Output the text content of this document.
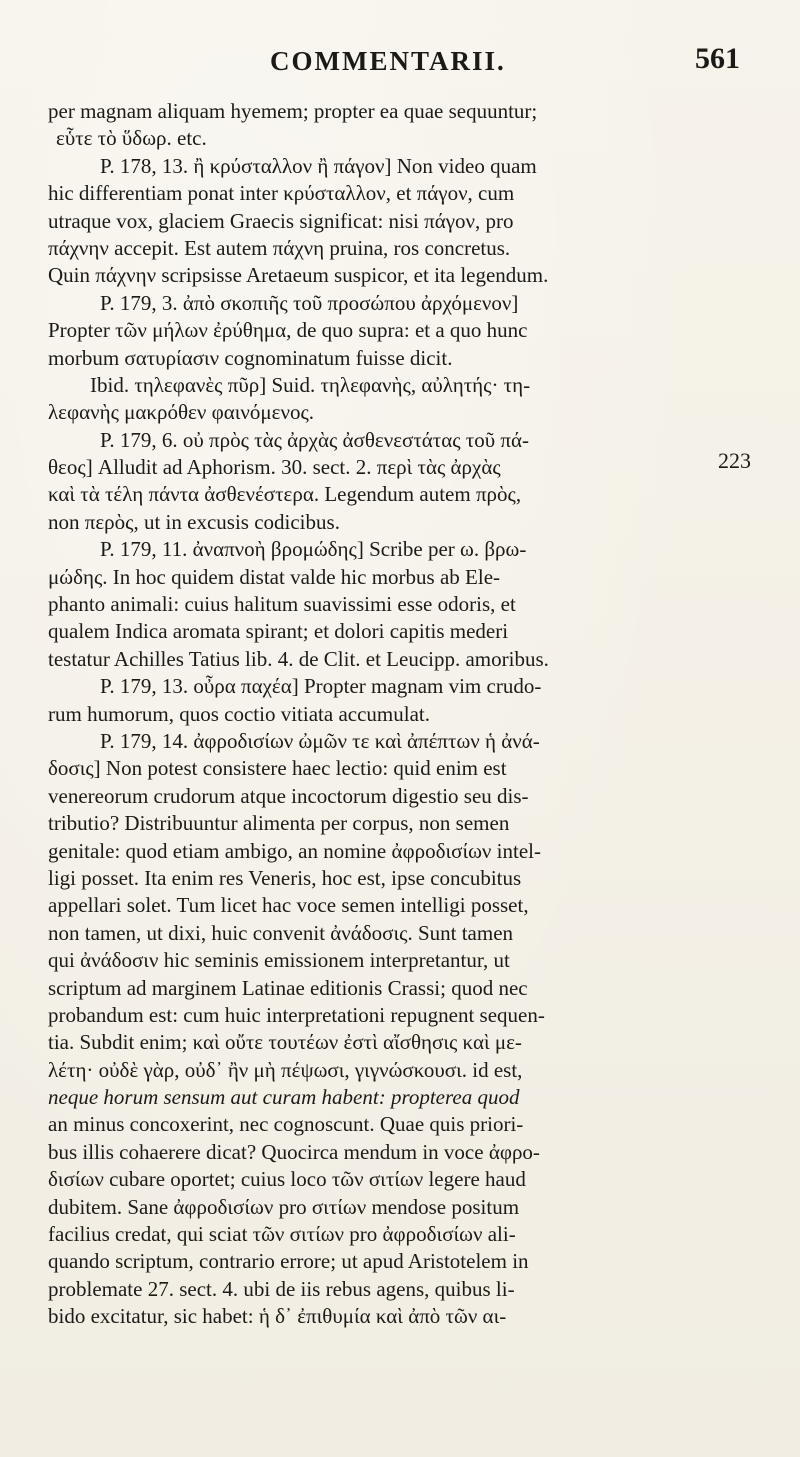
COMMENTARII.	561
223
per magnam aliquam hyemem; propter ea quae sequuntur;
εὗτε τὸ ὕδωρ. etc.
P. 178, 13. ἢ κρύσταλλον ἢ πάγον] Non video quam
hic differentiam ponat inter κρύσταλλον, et πάγον, cum
utraque vox, glaciem Graecis significat: nisi πάγον, pro
πάχνην accepit. Est autem πάχνη pruina, ros concretus.
Quin πάχνην scripsisse Aretaeum suspicor, et ita legendum.
P. 179, 3. ἀπὸ σκοπιῆς τοῦ προσώπου ἀρχόμενον]
Propter τῶν μήλων ἐρύθημα, de quo supra: et a quo hunc
morbum σατυρίασιν cognominatum fuisse dicit.
Ibid. τηλεφανὲς πῦρ] Suid. τηλεφανὴς, αὐλητής· τη-
λεφανὴς μακρόθεν φαινόμενος.
P. 179, 6. οὐ πρὸς τὰς ἀρχὰς ἀσθενεστάτας τοῦ πά-
θεος] Alludit ad Aphorism. 30. sect. 2. περὶ τὰς ἀρχὰς
καὶ τὰ τέλη πάντα ἀσθενέστερα. Legendum autem πρὸς,
non περὸς, ut in excusis codicibus.
P. 179, 11. ἀναπνοὴ βρομώδης] Scribe per ω. βρω-
μώδης. In hoc quidem distat valde hic morbus ab Ele-
phanto animali: cuius halitum suavissimi esse odoris, et
qualem Indica aromata spirant; et dolori capitis mederi
testatur Achilles Tatius lib. 4. de Clit. et Leucipp. amoribus.
P. 179, 13. οὖρα παχέα] Propter magnam vim crudo-
rum humorum, quos coctio vitiata accumulat.
P. 179, 14. ἀφροδισίων ὠμῶν τε καὶ ἀπέπτων ἡ ἀνά-
δοσις] Non potest consistere haec lectio: quid enim est
venereorum crudorum atque incoctorum digestio seu dis-
tributio? Distribuuntur alimenta per corpus, non semen
genitale: quod etiam ambigo, an nomine ἀφροδισίων intel-
ligi posset. Ita enim res Veneris, hoc est, ipse concubitus
appellari solet. Tum licet hac voce semen intelligi posset,
non tamen, ut dixi, huic convenit ἀνάδοσις. Sunt tamen
qui ἀνάδοσιν hic seminis emissionem interpretantur, ut
scriptum ad marginem Latinae editionis Crassi; quod nec
probandum est: cum huic interpretationi repugnent sequen-
tia. Subdit enim; καὶ οὔτε τουτέων ἐστὶ αἴσθησις καὶ με-
λέτη· οὐδὲ γὰρ, οὐδ᾽ ἢν μὴ πέψωσι, γιγνώσκουσι. id est,
neque horum sensum aut curam habent: propterea quod
an minus concoxerint, nec cognoscunt. Quae quis priori-
bus illis cohaerere dicat? Quocirca mendum in voce ἀφρο-
δισίων cubare oportet; cuius loco τῶν σιτίων legere haud
dubitem. Sane ἀφροδισίων pro σιτίων mendose positum
facilius credat, qui sciat τῶν σιτίων pro ἀφροδισίων ali-
quando scriptum, contrario errore; ut apud Aristotelem in
problemate 27. sect. 4. ubi de iis rebus agens, quibus li-
bido excitatur, sic habet: ἡ δ᾽ ἐπιθυμία καὶ ἀπὸ τῶν αι-
